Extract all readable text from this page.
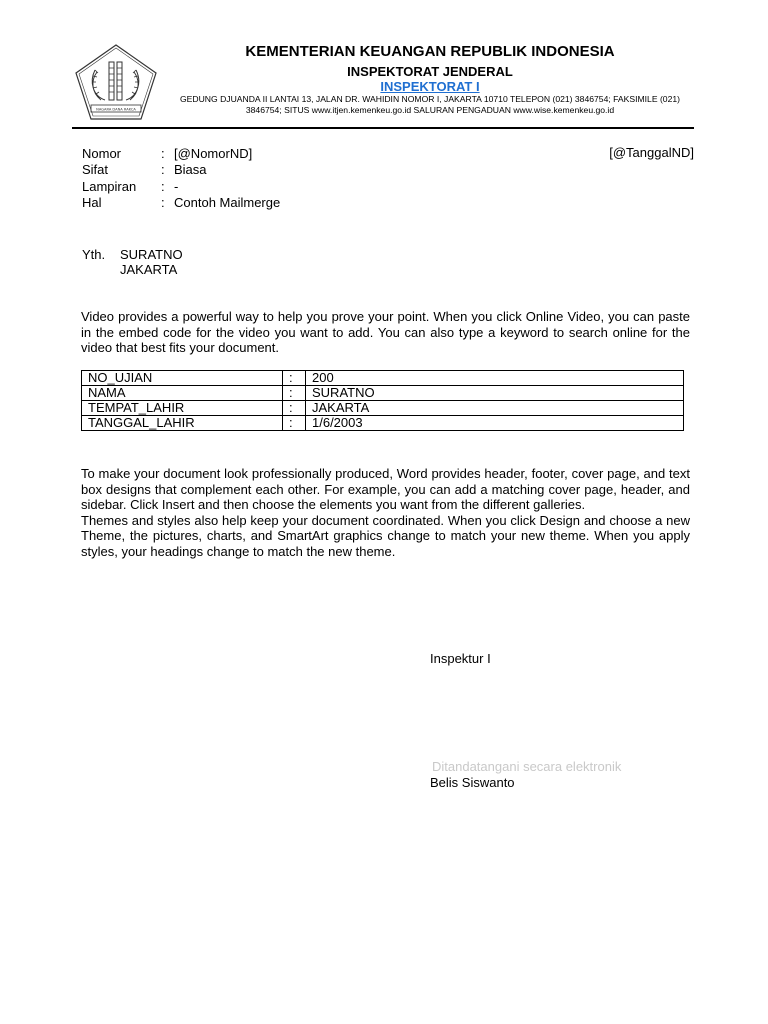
NAGARA DANA RAKCA
KEMENTERIAN KEUANGAN REPUBLIK INDONESIA
INSPEKTORAT JENDERAL
INSPEKTORAT I
GEDUNG DJUANDA II LANTAI 13, JALAN DR. WAHIDIN NOMOR I, JAKARTA 10710 TELEPON (021) 3846754; FAKSIMILE (021) 3846754; SITUS www.itjen.kemenkeu.go.id SALURAN PENGADUAN www.wise.kemenkeu.go.id
Nomor	: [@NomorND]
Sifat	: Biasa
Lampiran : -
Hal	: Contoh Mailmerge
[@TanggalND]
Yth. SURATNO
JAKARTA

Video provides a powerful way to help you prove your point. When you click Online Video, you can paste in the embed code for the video you want to add. You can also type a keyword to search online for the video that best fits your document.

NO_UJIAN	:	200
NAMA	:	SURATNO
TEMPAT_LAHIR	:	JAKARTA
TANGGAL_LAHIR	:	1/6/2003

To make your document look professionally produced, Word provides header, footer, cover page, and text box designs that complement each other. For example, you can add a matching cover page, header, and sidebar. Click Insert and then choose the elements you want from the different galleries.

Themes and styles also help keep your document coordinated. When you click Design and choose a new Theme, the pictures, charts, and SmartArt graphics change to match your new theme. When you apply styles, your headings change to match the new theme.

Inspektur I
Ditandatangani secara elektronik
Belis Siswanto
